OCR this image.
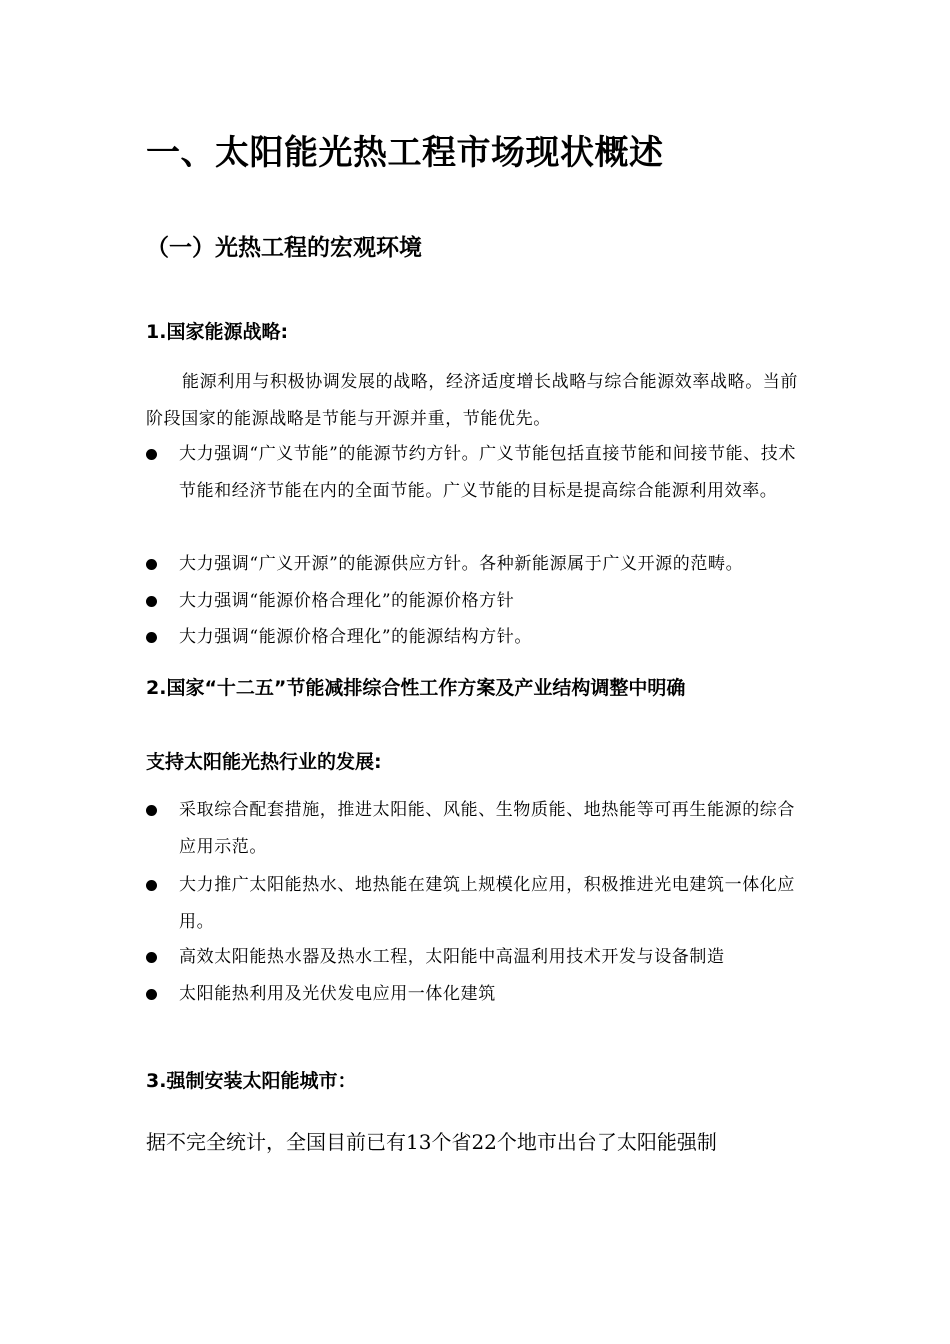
一、太阳能光热工程市场现状概述
（一）光热工程的宏观环境
1.国家能源战略:
能源利用与积极协调发展的战略，经济适度增长战略与综合能源效率战略。当前阶段国家的能源战略是节能与开源并重，节能优先。
大力强调“广义节能”的能源节约方针。广义节能包括直接节能和间接节能、技术节能和经济节能在内的全面节能。广义节能的目标是提高综合能源利用效率。
大力强调“广义开源”的能源供应方针。各种新能源属于广义开源的范畴。
大力强调“能源价格合理化”的能源价格方针
大力强调“能源价格合理化”的能源结构方针。
2.国家“十二五”节能减排综合性工作方案及产业结构调整中明确
支持太阳能光热行业的发展:
采取综合配套措施，推进太阳能、风能、生物质能、地热能等可再生能源的综合应用示范。
大力推广太阳能热水、地热能在建筑上规模化应用，积极推进光电建筑一体化应用。
高效太阳能热水器及热水工程，太阳能中高温利用技术开发与设备制造
太阳能热利用及光伏发电应用一体化建筑
3.强制安装太阳能城市：
据不完全统计，全国目前已有13个省22个地市出台了太阳能强制
